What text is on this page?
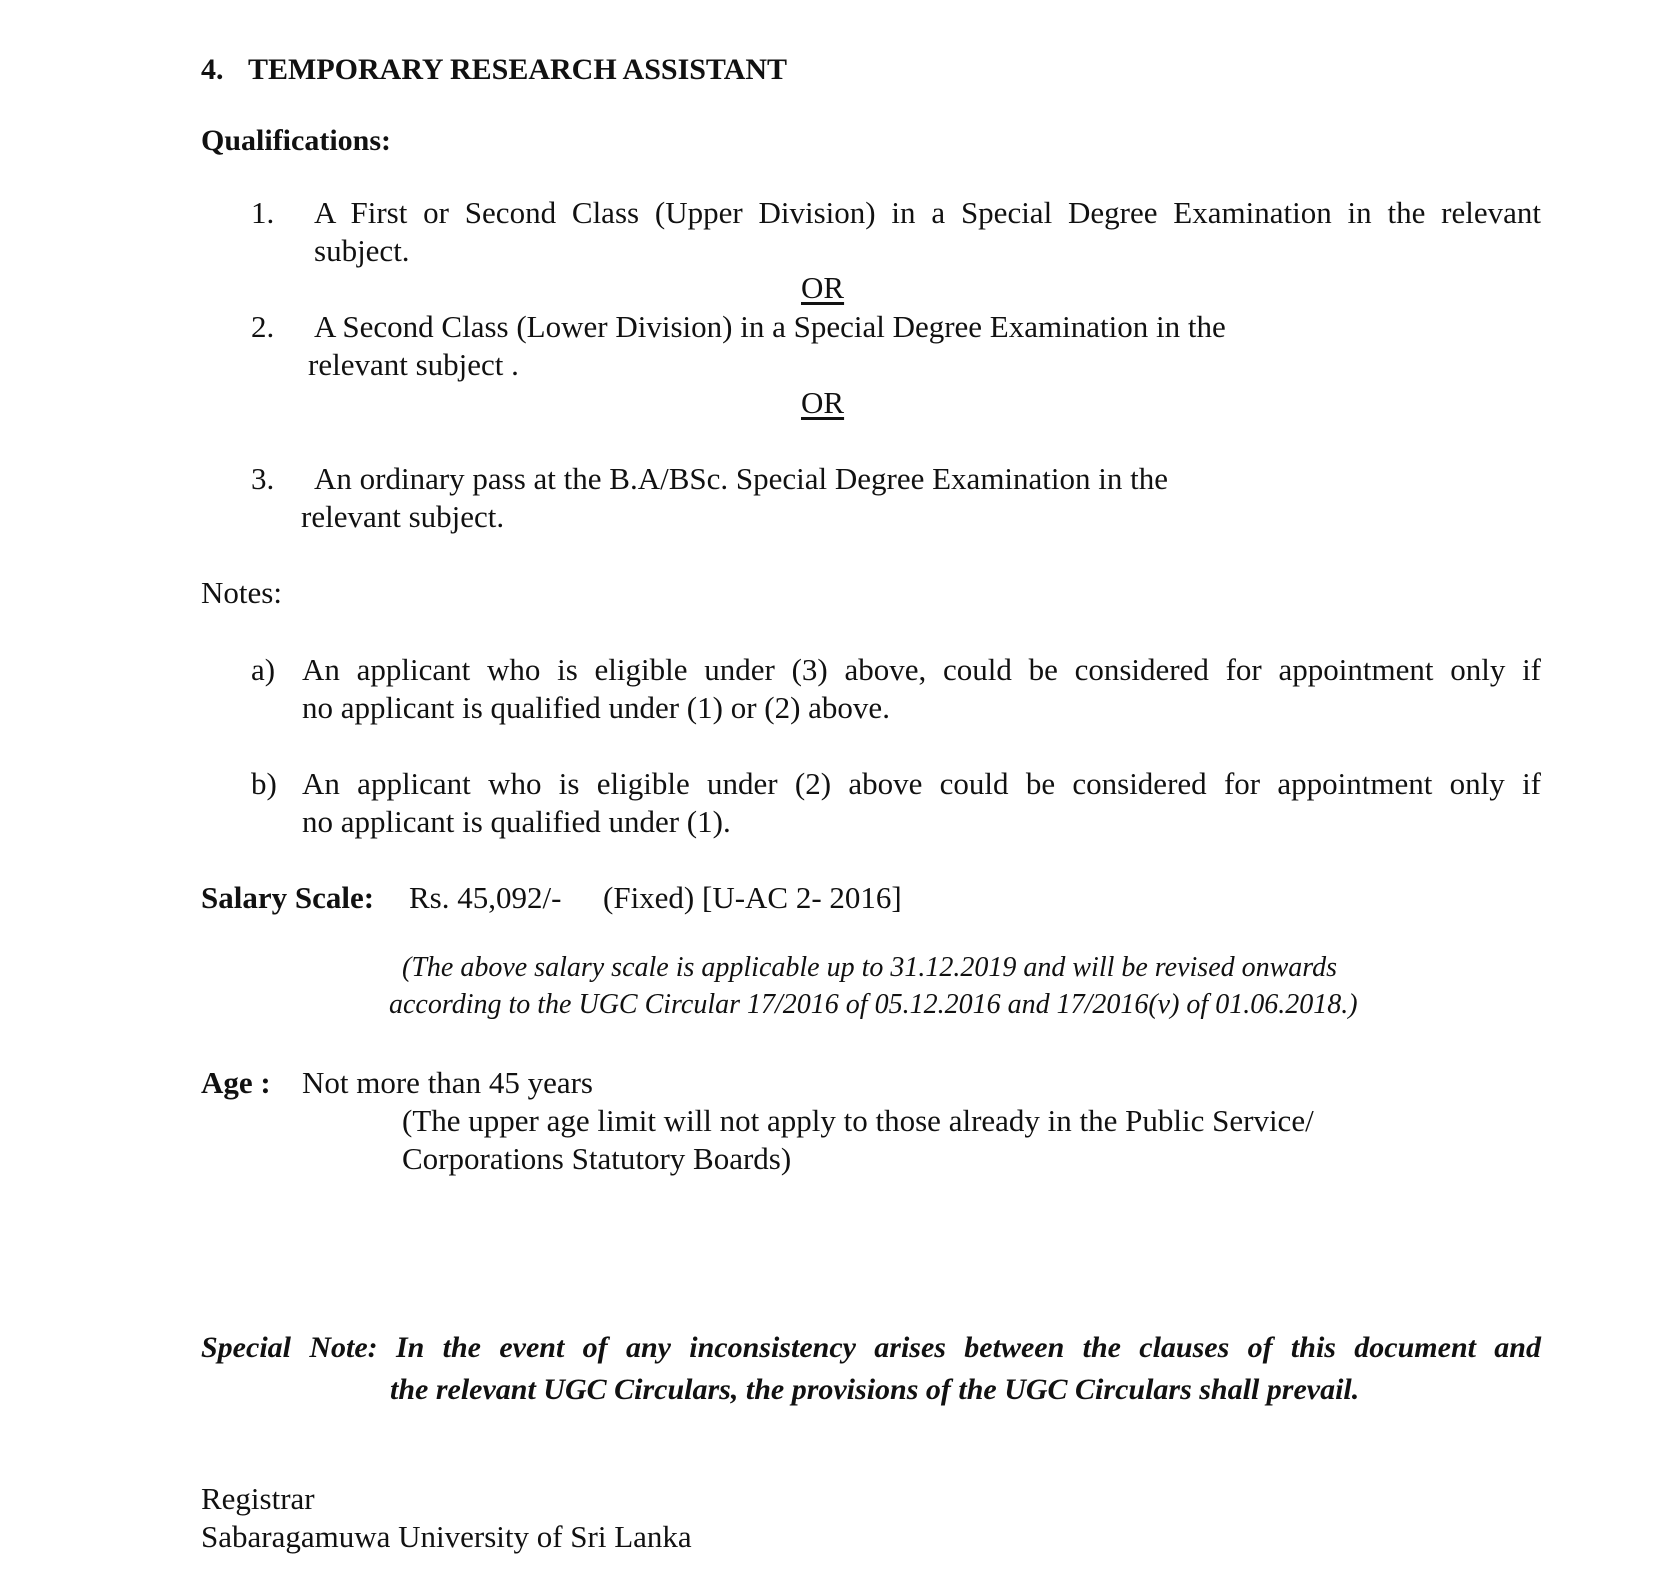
4. TEMPORARY RESEARCH ASSISTANT
Qualifications:
1. A First or Second Class (Upper Division) in a Special Degree Examination in the relevant
subject.
OR
2. A Second Class (Lower Division) in a Special Degree Examination in the
relevant subject .
OR
3. An ordinary pass at the B.A/BSc. Special Degree Examination in the
relevant subject.
Notes:
a) An applicant who is eligible under (3) above, could be considered for appointment only if
no applicant is qualified under (1) or (2) above.
b) An applicant who is eligible under (2) above could be considered for appointment only if
no applicant is qualified under (1).
Salary Scale: Rs. 45,092/- (Fixed) [U-AC 2- 2016]
(The above salary scale is applicable up to 31.12.2019 and will be revised onwards
according to the UGC Circular 17/2016 of 05.12.2016 and 17/2016(v) of 01.06.2018.)
Age : Not more than 45 years
(The upper age limit will not apply to those already in the Public Service/
Corporations Statutory Boards)
Special Note: In the event of any inconsistency arises between the clauses of this document and
the relevant UGC Circulars, the provisions of the UGC Circulars shall prevail.
Registrar
Sabaragamuwa University of Sri Lanka
